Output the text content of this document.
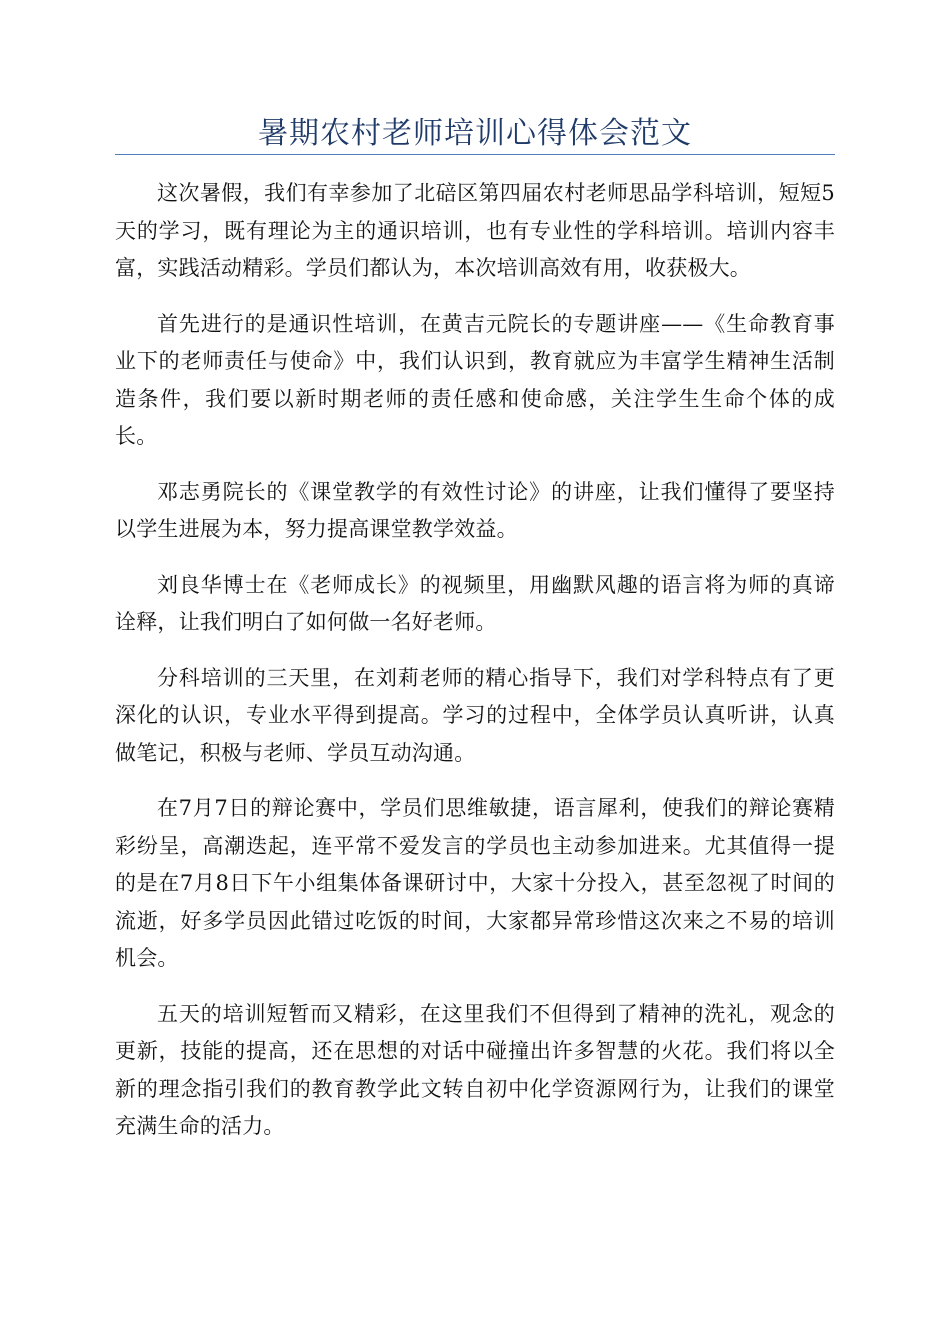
暑期农村老师培训心得体会范文

这次暑假，我们有幸参加了北碚区第四届农村老师思品学科培训，短短5天的学习，既有理论为主的通识培训，也有专业性的学科培训。培训内容丰富，实践活动精彩。学员们都认为，本次培训高效有用，收获极大。

首先进行的是通识性培训，在黄吉元院长的专题讲座——《生命教育事业下的老师责任与使命》中，我们认识到，教育就应为丰富学生精神生活制造条件，我们要以新时期老师的责任感和使命感，关注学生生命个体的成长。

邓志勇院长的《课堂教学的有效性讨论》的讲座，让我们懂得了要坚持以学生进展为本，努力提高课堂教学效益。

刘良华博士在《老师成长》的视频里，用幽默风趣的语言将为师的真谛诠释，让我们明白了如何做一名好老师。

分科培训的三天里，在刘莉老师的精心指导下，我们对学科特点有了更深化的认识，专业水平得到提高。学习的过程中，全体学员认真听讲，认真做笔记，积极与老师、学员互动沟通。

在7月7日的辩论赛中，学员们思维敏捷，语言犀利，使我们的辩论赛精彩纷呈，高潮迭起，连平常不爱发言的学员也主动参加进来。尤其值得一提的是在7月8日下午小组集体备课研讨中，大家十分投入，甚至忽视了时间的流逝，好多学员因此错过吃饭的时间，大家都异常珍惜这次来之不易的培训机会。

五天的培训短暂而又精彩，在这里我们不但得到了精神的洗礼，观念的更新，技能的提高，还在思想的对话中碰撞出许多智慧的火花。我们将以全新的理念指引我们的教育教学此文转自初中化学资源网行为，让我们的课堂充满生命的活力。
